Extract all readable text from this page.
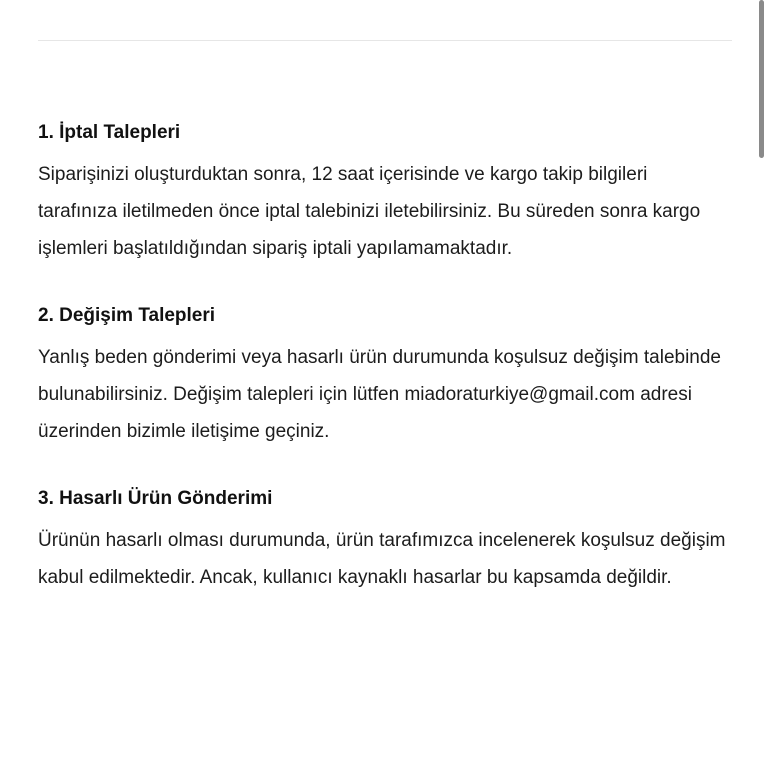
1. İptal Talepleri

Siparişinizi oluşturduktan sonra, 12 saat içerisinde ve kargo takip bilgileri tarafınıza iletilmeden önce iptal talebinizi iletebilirsiniz. Bu süreden sonra kargo işlemleri başlatıldığından sipariş iptali yapılamamaktadır.

2. Değişim Talepleri

Yanlış beden gönderimi veya hasarlı ürün durumunda koşulsuz değişim talebinde bulunabilirsiniz. Değişim talepleri için lütfen miadoraturkiye@gmail.com adresi üzerinden bizimle iletişime geçiniz.

3. Hasarlı Ürün Gönderimi

Ürünün hasarlı olması durumunda, ürün tarafımızca incelenerek koşulsuz değişim kabul edilmektedir. Ancak, kullanıcı kaynaklı hasarlar bu kapsamda değildir.
